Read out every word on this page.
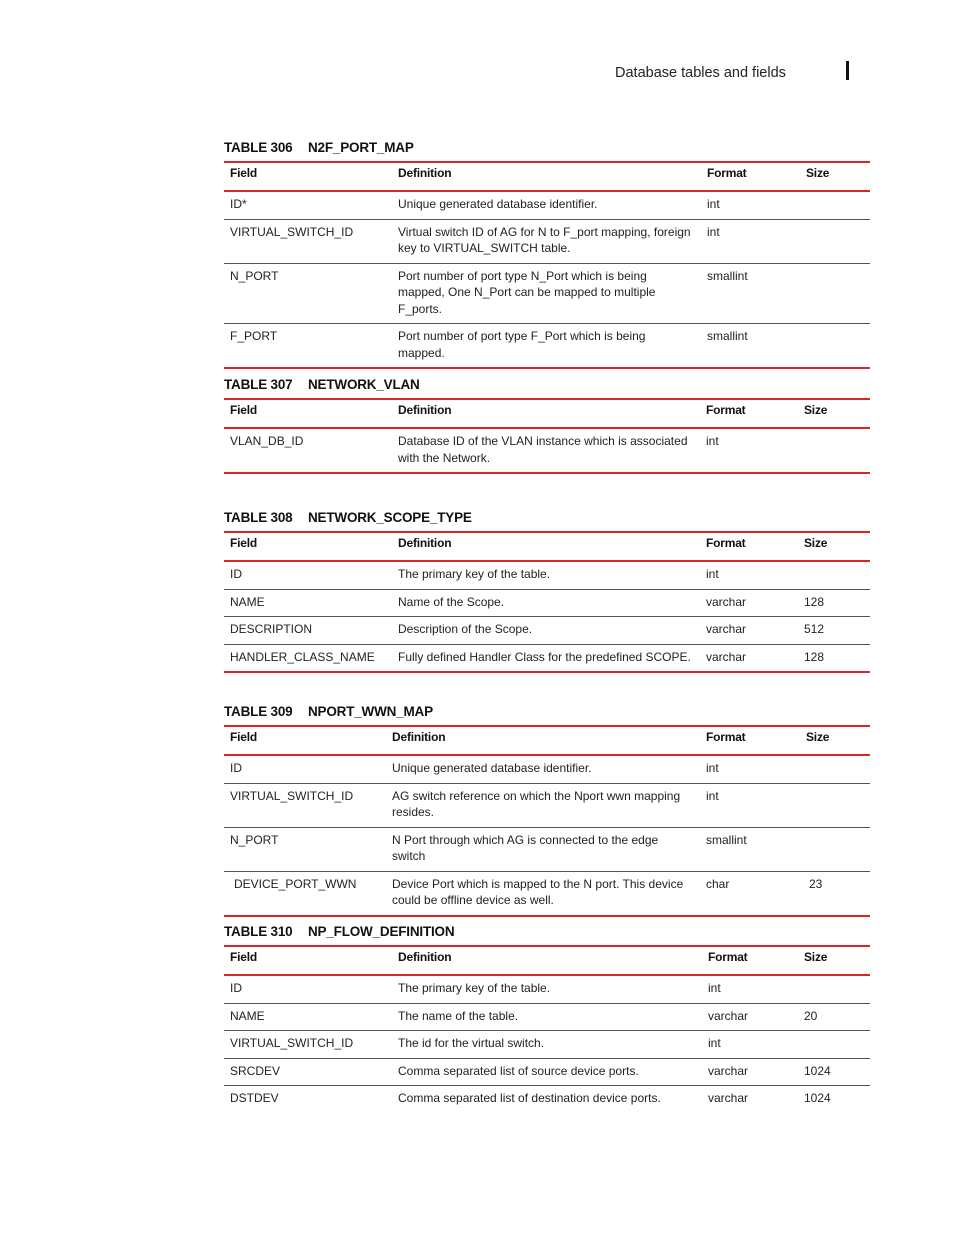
Database tables and fields
TABLE 306 N2F_PORT_MAP
Field	Definition	Format	Size
ID*	Unique generated database identifier.	int	
VIRTUAL_SWITCH_ID	Virtual switch ID of AG for N to F_port mapping, foreign key to VIRTUAL_SWITCH table.	int	
N_PORT	Port number of port type N_Port which is being mapped, One N_Port can be mapped to multiple F_ports.	smallint	
F_PORT	Port number of port type F_Port which is being mapped.	smallint	
TABLE 307 NETWORK_VLAN
Field	Definition	Format	Size
VLAN_DB_ID	Database ID of the VLAN instance which is associated with the Network.	int	
TABLE 308 NETWORK_SCOPE_TYPE
Field	Definition	Format	Size
ID	The primary key of the table.	int	
NAME	Name of the Scope.	varchar	128
DESCRIPTION	Description of the Scope.	varchar	512
HANDLER_CLASS_NAME	Fully defined Handler Class for the predefined SCOPE.	varchar	128
TABLE 309 NPORT_WWN_MAP
Field	Definition	Format	Size
ID	Unique generated database identifier.	int	
VIRTUAL_SWITCH_ID	AG switch reference on which the Nport wwn mapping resides.	int	
N_PORT	N Port through which AG is connected to the edge switch	smallint	
DEVICE_PORT_WWN	Device Port which is mapped to the N port. This device could be offline device as well.	char	23
TABLE 310 NP_FLOW_DEFINITION
Field	Definition	Format	Size
ID	The primary key of the table.	int	
NAME	The name of the table.	varchar	20
VIRTUAL_SWITCH_ID	The id for the virtual switch.	int	
SRCDEV	Comma separated list of source device ports.	varchar	1024
DSTDEV	Comma separated list of destination device ports.	varchar	1024
